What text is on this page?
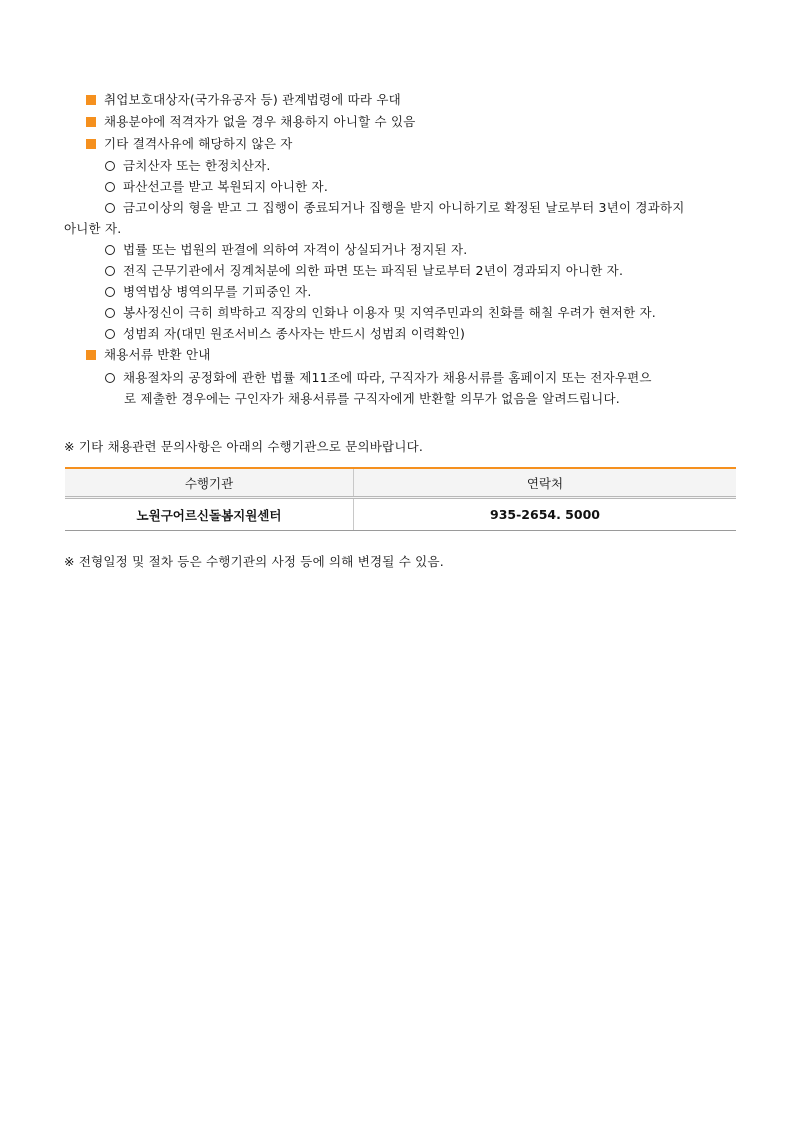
취업보호대상자(국가유공자 등) 관계법령에 따라 우대
채용분야에 적격자가 없을 경우 채용하지 아니할 수 있음
기타 결격사유에 해당하지 않은 자
금치산자 또는 한정치산자.
파산선고를 받고 복원되지 아니한 자.
금고이상의 형을 받고 그 집행이 종료되거나 집행을 받지 아니하기로 확정된 날로부터 3년이 경과하지
아니한 자.
법률 또는 법원의 판결에 의하여 자격이 상실되거나 정지된 자.
전직 근무기관에서 징계처분에 의한 파면 또는 파직된 날로부터 2년이 경과되지 아니한 자.
병역법상 병역의무를 기피중인 자.
봉사정신이 극히 희박하고 직장의 인화나 이용자 및 지역주민과의 친화를 해칠 우려가 현저한 자.
성범죄 자(대민 원조서비스 종사자는 반드시 성범죄 이력확인)
채용서류 반환 안내
채용절차의 공정화에 관한 법률 제11조에 따라, 구직자가 채용서류를 홈페이지 또는 전자우편으
로 제출한 경우에는 구인자가 채용서류를 구직자에게 반환할 의무가 없음을 알려드립니다.
※ 기타 채용관련 문의사항은 아래의 수행기관으로 문의바랍니다.
수행기관	연락처
노원구어르신돌봄지원센터	935-2654. 5000
※ 전형일정 및 절차 등은 수행기관의 사정 등에 의해 변경될 수 있음.
